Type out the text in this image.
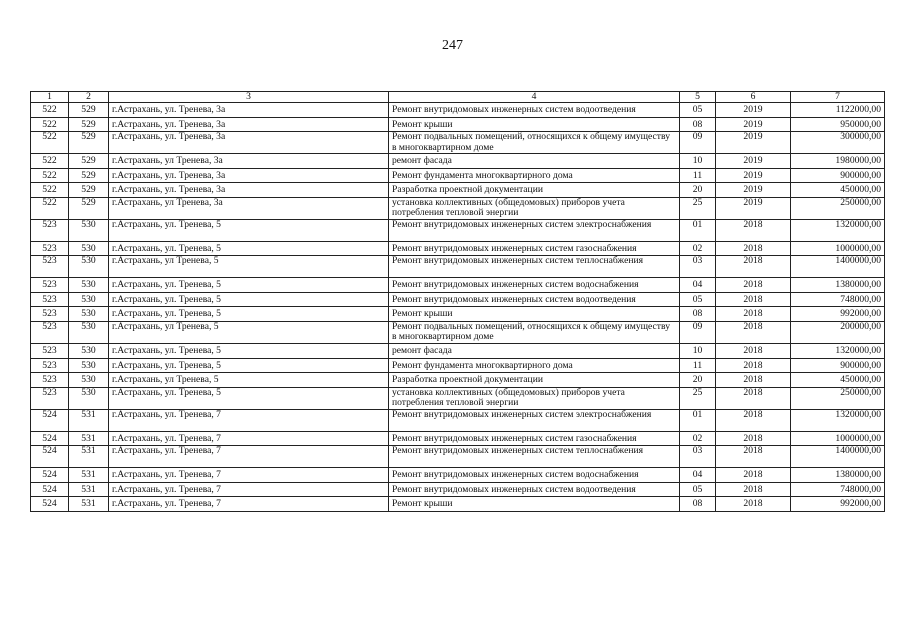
247
1	2	3	4	5	6	7
522	529	г.Астрахань, ул. Тренева, 3а	Ремонт внутридомовых инженерных систем водоотведения	05	2019	1122000,00
522	529	г.Астрахань, ул. Тренева, 3а	Ремонт крыши	08	2019	950000,00
522	529	г.Астрахань, ул. Тренева, 3а	Ремонт подвальных помещений, относящихся к общему имуществу в многоквартирном доме	09	2019	300000,00
522	529	г.Астрахань, ул Тренева, 3а	ремонт фасада	10	2019	1980000,00
522	529	г.Астрахань, ул. Тренева, 3а	Ремонт фундамента многоквартирного дома	11	2019	900000,00
522	529	г.Астрахань, ул. Тренева, 3а	Разработка проектной документации	20	2019	450000,00
522	529	г.Астрахань, ул Тренева, 3а	установка коллективных (общедомовых) приборов учета потребления тепловой энергии	25	2019	250000,00
523	530	г.Астрахань, ул. Тренева, 5	Ремонт внутридомовых инженерных систем электроснабжения	01	2018	1320000,00
523	530	г.Астрахань, ул. Тренева, 5	Ремонт внутридомовых инженерных систем газоснабжения	02	2018	1000000,00
523	530	г.Астрахань, ул Тренева, 5	Ремонт внутридомовых инженерных систем теплоснабжения	03	2018	1400000,00
523	530	г.Астрахань, ул. Тренева, 5	Ремонт внутридомовых инженерных систем водоснабжения	04	2018	1380000,00
523	530	г.Астрахань, ул. Тренева, 5	Ремонт внутридомовых инженерных систем водоотведения	05	2018	748000,00
523	530	г.Астрахань, ул. Тренева, 5	Ремонт крыши	08	2018	992000,00
523	530	г.Астрахань, ул Тренева, 5	Ремонт подвальных помещений, относящихся к общему имуществу в многоквартирном доме	09	2018	200000,00
523	530	г.Астрахань, ул. Тренева, 5	ремонт фасада	10	2018	1320000,00
523	530	г.Астрахань, ул. Тренева, 5	Ремонт фундамента многоквартирного дома	11	2018	900000,00
523	530	г.Астрахань, ул Тренева, 5	Разработка проектной документации	20	2018	450000,00
523	530	г.Астрахань, ул. Тренева, 5	установка коллективных (общедомовых) приборов учета потребления тепловой энергии	25	2018	250000,00
524	531	г.Астрахань, ул. Тренева, 7	Ремонт внутридомовых инженерных систем электроснабжения	01	2018	1320000,00
524	531	г.Астрахань, ул. Тренева, 7	Ремонт внутридомовых инженерных систем газоснабжения	02	2018	1000000,00
524	531	г.Астрахань, ул. Тренева, 7	Ремонт внутридомовых инженерных систем теплоснабжения	03	2018	1400000,00
524	531	г.Астрахань, ул. Тренева, 7	Ремонт внутридомовых инженерных систем водоснабжения	04	2018	1380000,00
524	531	г.Астрахань, ул. Тренева, 7	Ремонт внутридомовых инженерных систем водоотведения	05	2018	748000,00
524	531	г.Астрахань, ул. Тренева, 7	Ремонт крыши	08	2018	992000,00
